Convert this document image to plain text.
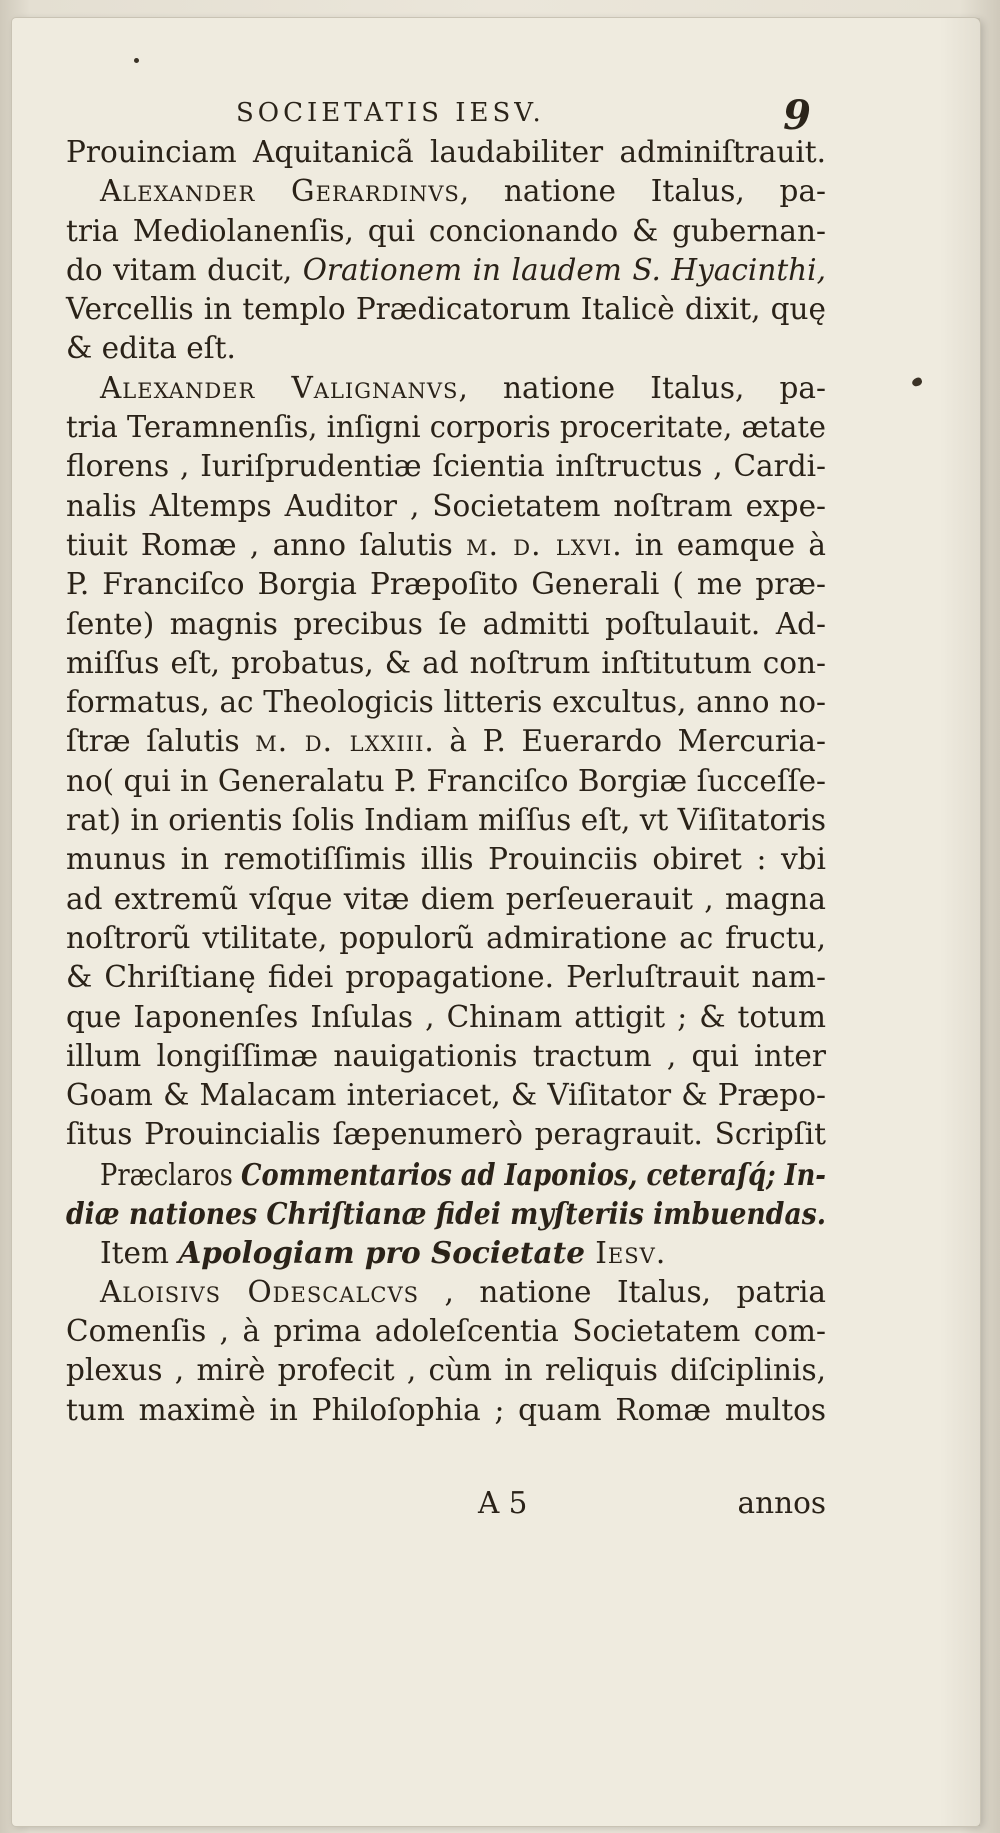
SOCIETATIS IESV.	9
Prouinciam Aquitanicã laudabiliter adminiſtrauit.
Alexander Gerardinvs, natione Italus, pa-
tria Mediolanenſis, qui concionando & gubernan-
do vitam ducit, Orationem in laudem S. Hyacinthi,
Vercellis in templo Prædicatorum Italicè dixit, quę
& edita eſt.
Alexander Valignanvs, natione Italus, pa-
tria Teramnenſis, inſigni corporis proceritate, ætate
florens , Iuriſprudentiæ ſcientia inſtructus , Cardi-
nalis Altemps Auditor , Societatem noſtram expe-
tiuit Romæ , anno ſalutis m. d. lxvi. in eamque à
P. Franciſco Borgia Præpoſito Generali ( me præ-
ſente) magnis precibus ſe admitti poſtulauit. Ad-
miſſus eſt, probatus, & ad noſtrum inſtitutum con-
formatus, ac Theologicis litteris excultus, anno no-
ſtræ ſalutis m. d. lxxiii. à P. Euerardo Mercuria-
no( qui in Generalatu P. Franciſco Borgiæ ſucceſſe-
rat) in orientis ſolis Indiam miſſus eſt, vt Viſitatoris
munus in remotiſſimis illis Prouinciis obiret : vbi
ad extremũ vſque vitæ diem perſeuerauit , magna
noſtrorũ vtilitate, populorũ admiratione ac fructu,
& Chriſtianę fidei propagatione. Perluſtrauit nam-
que Iaponenſes Inſulas , Chinam attigit ; & totum
illum longiſſimæ nauigationis tractum , qui inter
Goam & Malacam interiacet, & Viſitator & Præpo-
ſitus Prouincialis ſæpenumerò peragrauit. Scripſit
Præclaros Commentarios ad Iaponios, ceteraſq́; In-
diæ nationes Chriſtianæ fidei myſteriis imbuendas.
Item Apologiam pro Societate Iesv.
Aloisivs Odescalcvs , natione Italus, patria
Comenſis , à prima adoleſcentia Societatem com-
plexus , mirè profecit , cùm in reliquis diſciplinis,
tum maximè in Philoſophia ; quam Romæ multos
A 5	annos
